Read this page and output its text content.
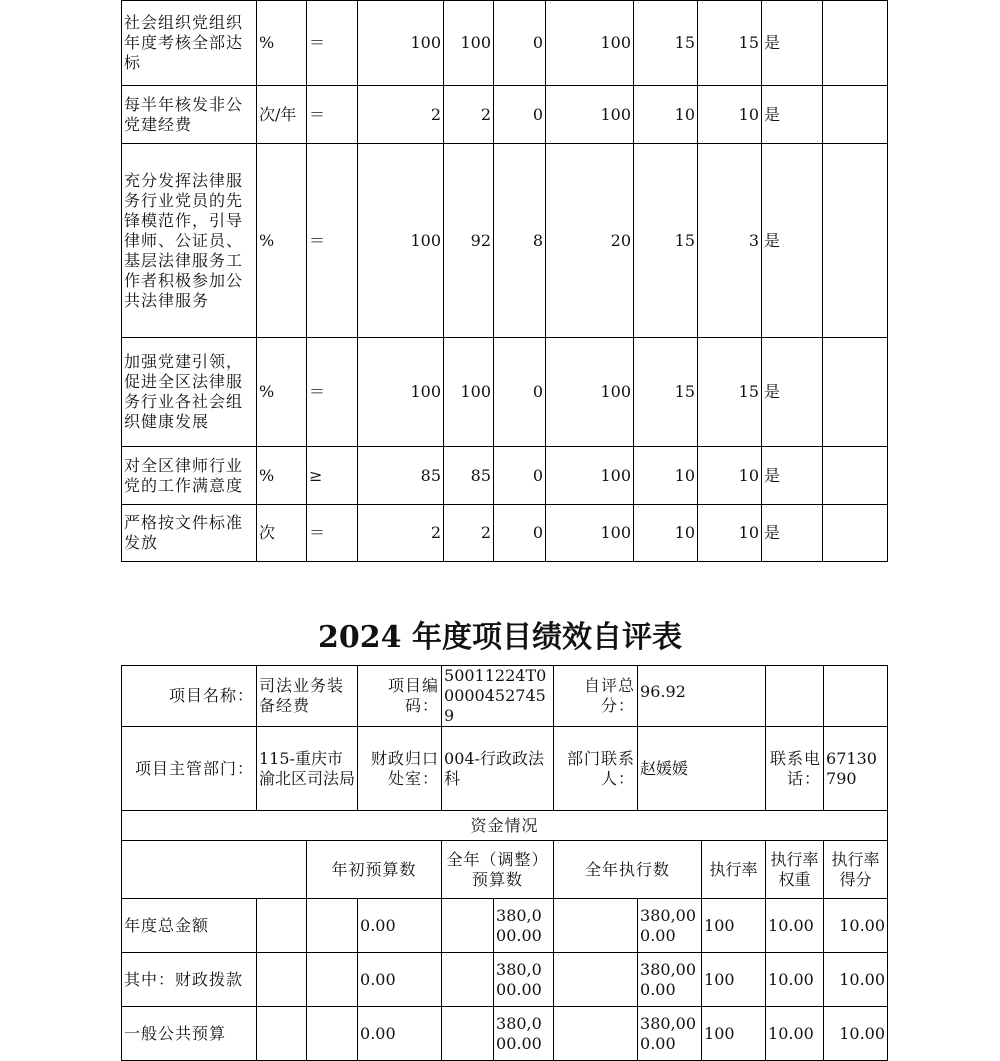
社会组织党组织年度考核全部达标	%	＝	100	100	0	100	15	15	是	
每半年核发非公党建经费	次/年	＝	2	2	0	100	10	10	是	
充分发挥法律服务行业党员的先锋模范作，引导律师、公证员、基层法律服务工作者积极参加公共法律服务	%	＝	100	92	8	20	15	3	是	
加强党建引领，促进全区法律服务行业各社会组织健康发展	%	＝	100	100	0	100	15	15	是	
对全区律师行业党的工作满意度	%	≥	85	85	0	100	10	10	是	
严格按文件标准发放	次	＝	2	2	0	100	10	10	是	
2024 年度项目绩效自评表
项目名称：	司法业务装备经费		项目编码：	50011224T000004527459		自评总分：	96.92			
项目主管部门：	115-重庆市渝北区司法局		财政归口处室：	004-行政政法科		部门联系人：	赵媛媛		联系电话：	67130790
资金情况										
		年初预算数		全年（调整）预算数		全年执行数		执行率	执行率权重	执行率得分
年度总金额			0.00		380,000.00		380,000.00	100	10.00	10.00
其中：财政拨款			0.00		380,000.00		380,000.00	100	10.00	10.00
一般公共预算			0.00		380,000.00		380,000.00	100	10.00	10.00
